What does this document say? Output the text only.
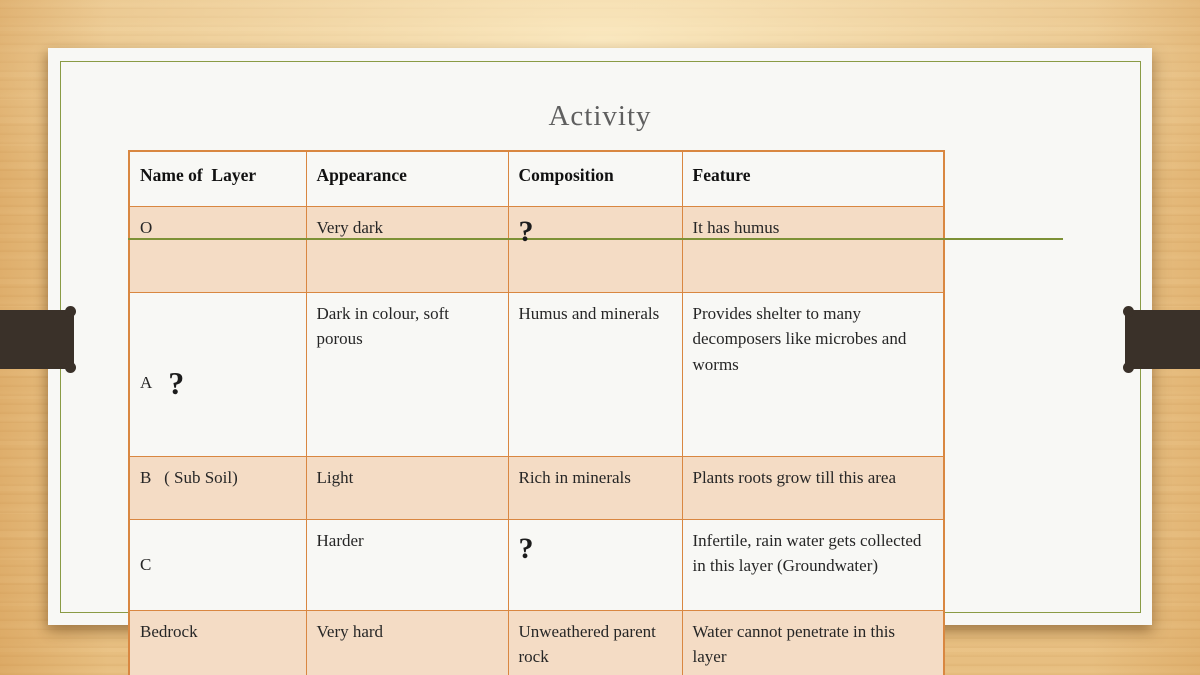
Activity
Name of  Layer	Appearance	Composition	Feature
O	Very dark	?	It has humus

A ?	Dark in colour, soft porous	Humus and minerals	Provides shelter to many decomposers like microbes and worms
B   ( Sub Soil)	Light	Rich in minerals	Plants roots grow till this area
C	Harder	?	Infertile, rain water gets collected in this layer (Groundwater)
Bedrock	Very hard	Unweathered parent rock	Water cannot penetrate in this layer
